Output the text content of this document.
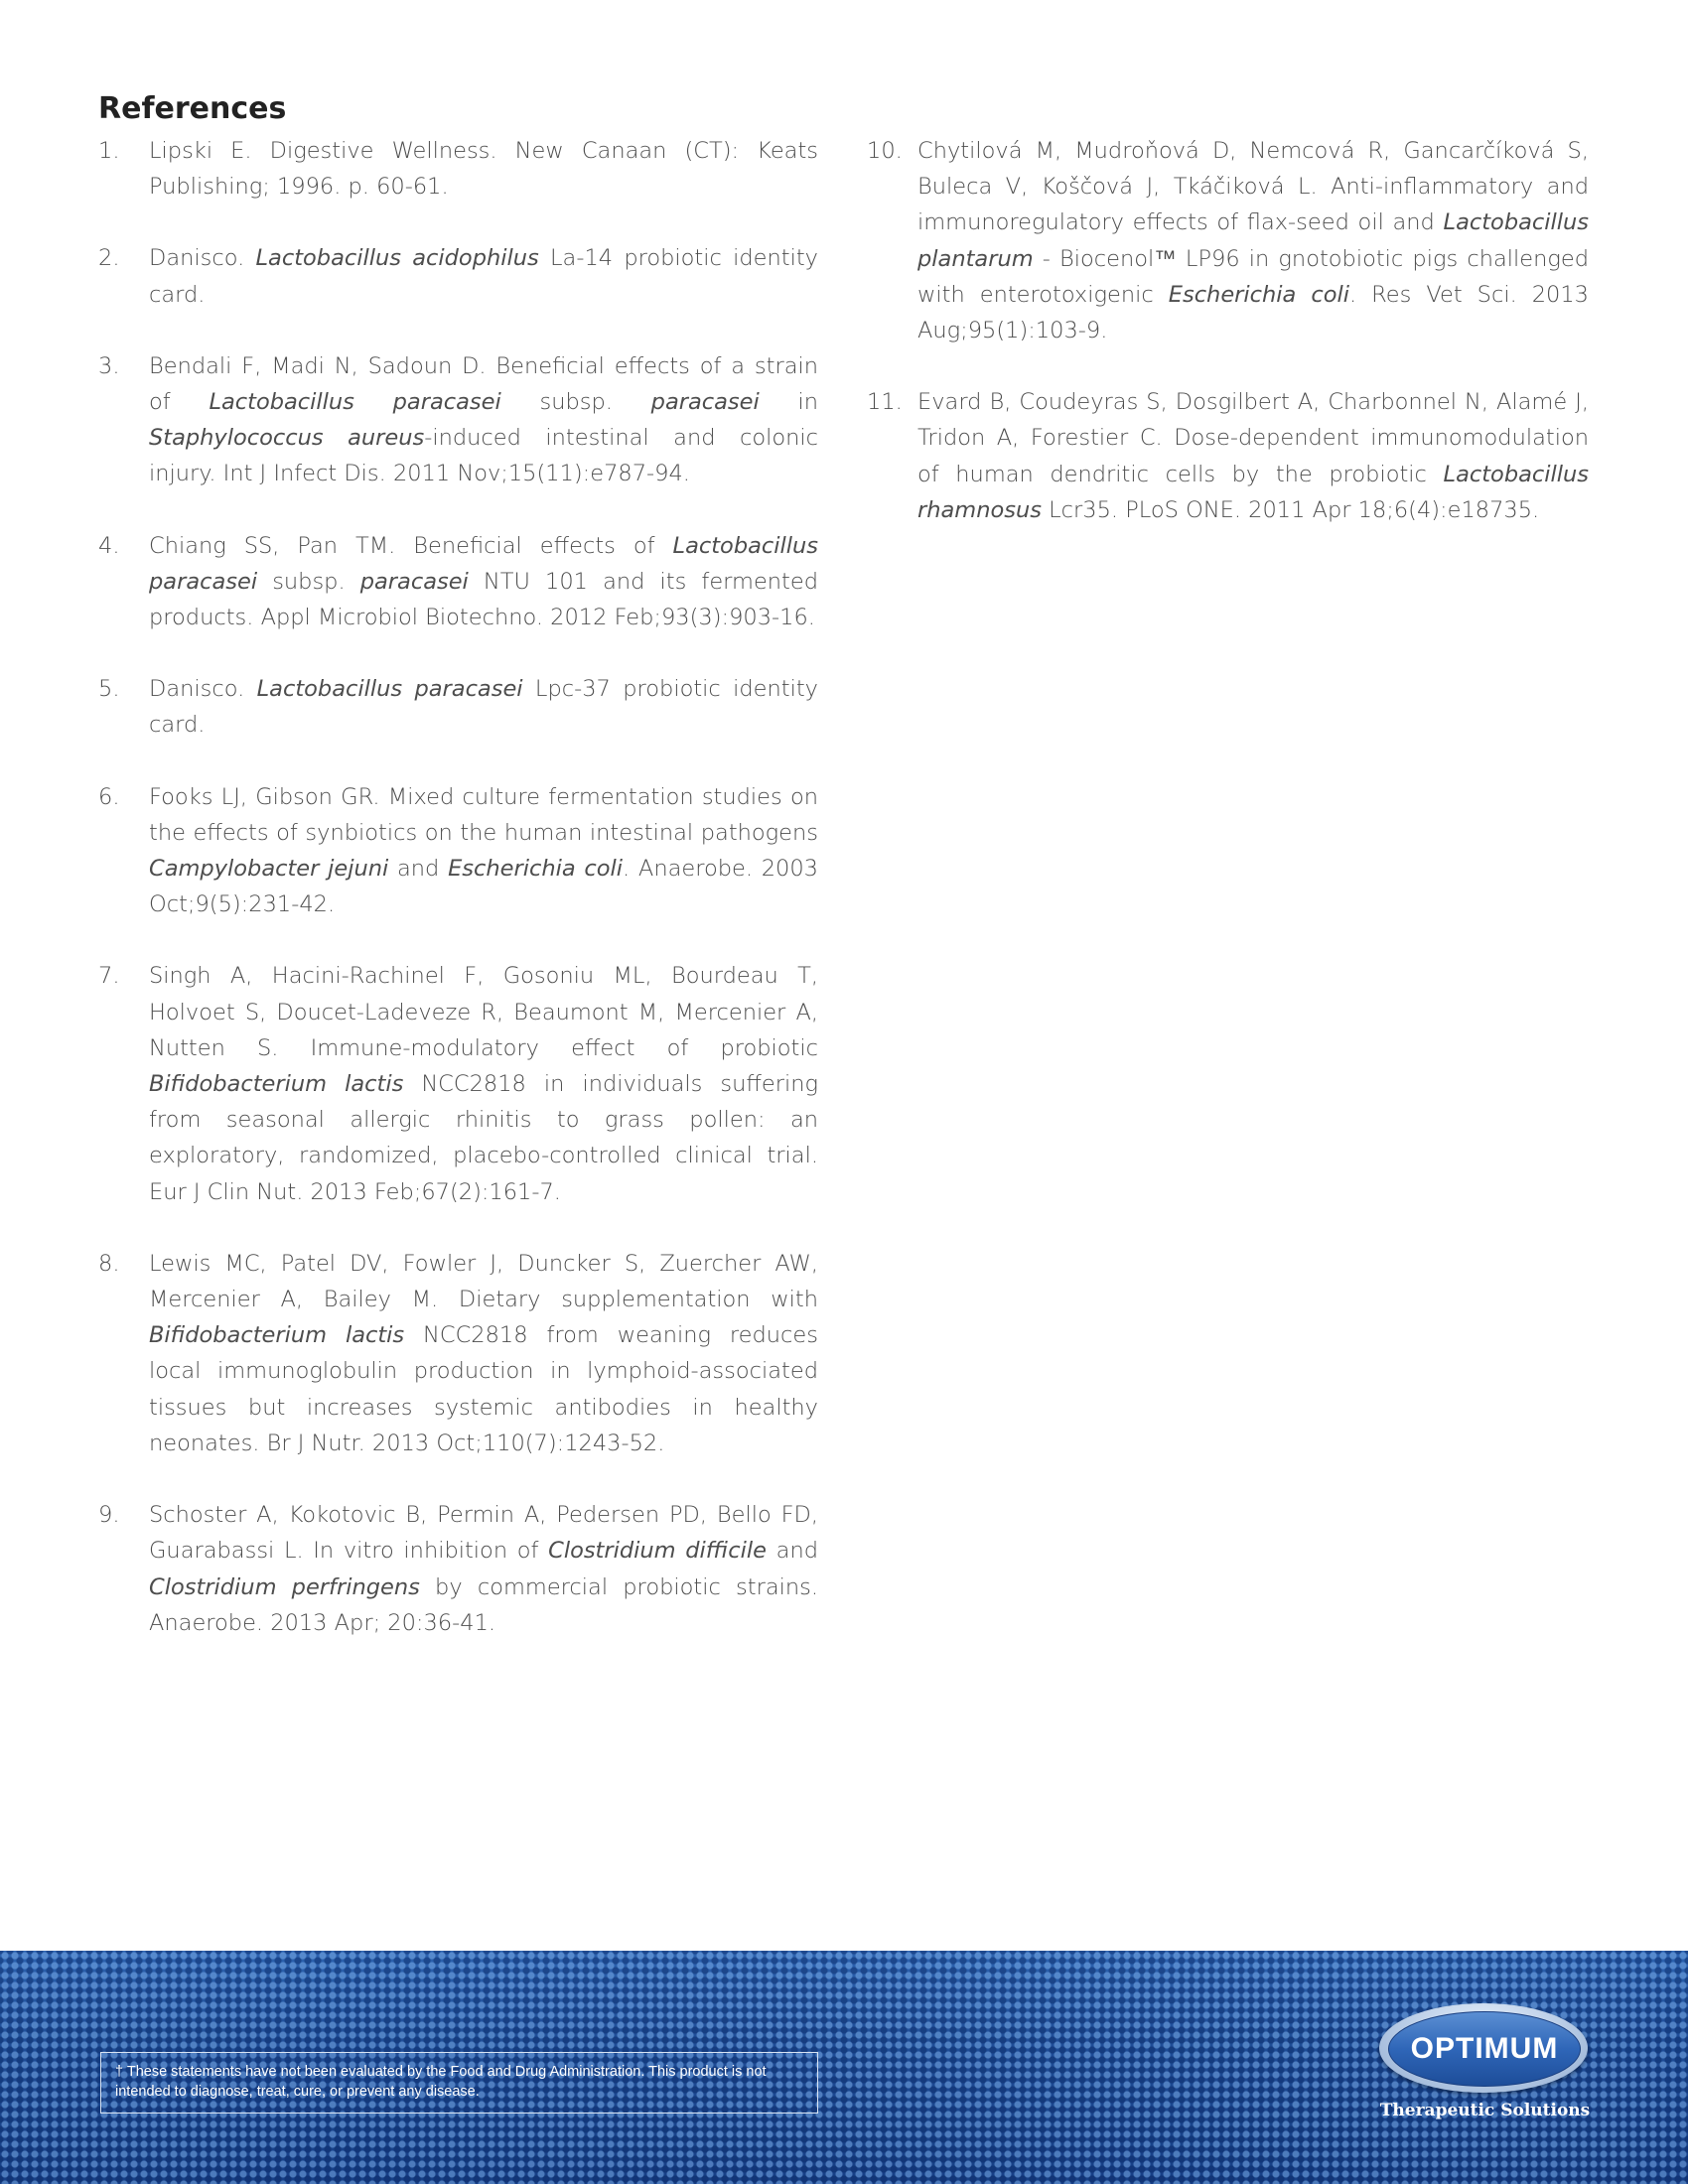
References
1. Lipski E. Digestive Wellness. New Canaan (CT): Keats Publishing; 1996. p. 60-61.
2. Danisco. Lactobacillus acidophilus La-14 probiotic identity card.
3. Bendali F, Madi N, Sadoun D. Beneficial effects of a strain of Lactobacillus paracasei subsp. paracasei in Staphylococcus aureus-induced intestinal and colonic injury. Int J Infect Dis. 2011 Nov;15(11):e787-94.
4. Chiang SS, Pan TM. Beneficial effects of Lactobacillus paracasei subsp. paracasei NTU 101 and its fermented products. Appl Microbiol Biotechno. 2012 Feb;93(3):903-16.
5. Danisco. Lactobacillus paracasei Lpc-37 probiotic identity card.
6. Fooks LJ, Gibson GR. Mixed culture fermentation studies on the effects of synbiotics on the human intestinal pathogens Campylobacter jejuni and Escherichia coli. Anaerobe. 2003 Oct;9(5):231-42.
7. Singh A, Hacini-Rachinel F, Gosoniu ML, Bourdeau T, Holvoet S, Doucet-Ladeveze R, Beaumont M, Mercenier A, Nutten S. Immune-modulatory effect of probiotic Bifidobacterium lactis NCC2818 in individuals suffering from seasonal allergic rhinitis to grass pollen: an exploratory, randomized, placebo-controlled clinical trial. Eur J Clin Nut. 2013 Feb;67(2):161-7.
8. Lewis MC, Patel DV, Fowler J, Duncker S, Zuercher AW, Mercenier A, Bailey M. Dietary supplementation with Bifidobacterium lactis NCC2818 from weaning reduces local immunoglobulin production in lymphoid-associated tissues but increases systemic antibodies in healthy neonates. Br J Nutr. 2013 Oct;110(7):1243-52.
9. Schoster A, Kokotovic B, Permin A, Pedersen PD, Bello FD, Guarabassi L. In vitro inhibition of Clostridium difficile and Clostridium perfringens by commercial probiotic strains. Anaerobe. 2013 Apr; 20:36-41.
10. Chytilová M, Mudroňová D, Nemcová R, Gancarčíková S, Buleca V, Koščová J, Tkáčiková L. Anti-inflammatory and immunoregulatory effects of flax-seed oil and Lactobacillus plantarum - Biocenol™ LP96 in gnotobiotic pigs challenged with enterotoxigenic Escherichia coli. Res Vet Sci. 2013 Aug;95(1):103-9.
11. Evard B, Coudeyras S, Dosgilbert A, Charbonnel N, Alamé J, Tridon A, Forestier C. Dose-dependent immunomodulation of human dendritic cells by the probiotic Lactobacillus rhamnosus Lcr35. PLoS ONE. 2011 Apr 18;6(4):e18735.
† These statements have not been evaluated by the Food and Drug Administration. This product is not intended to diagnose, treat, cure, or prevent any disease.
OPTIMUM
Therapeutic Solutions
